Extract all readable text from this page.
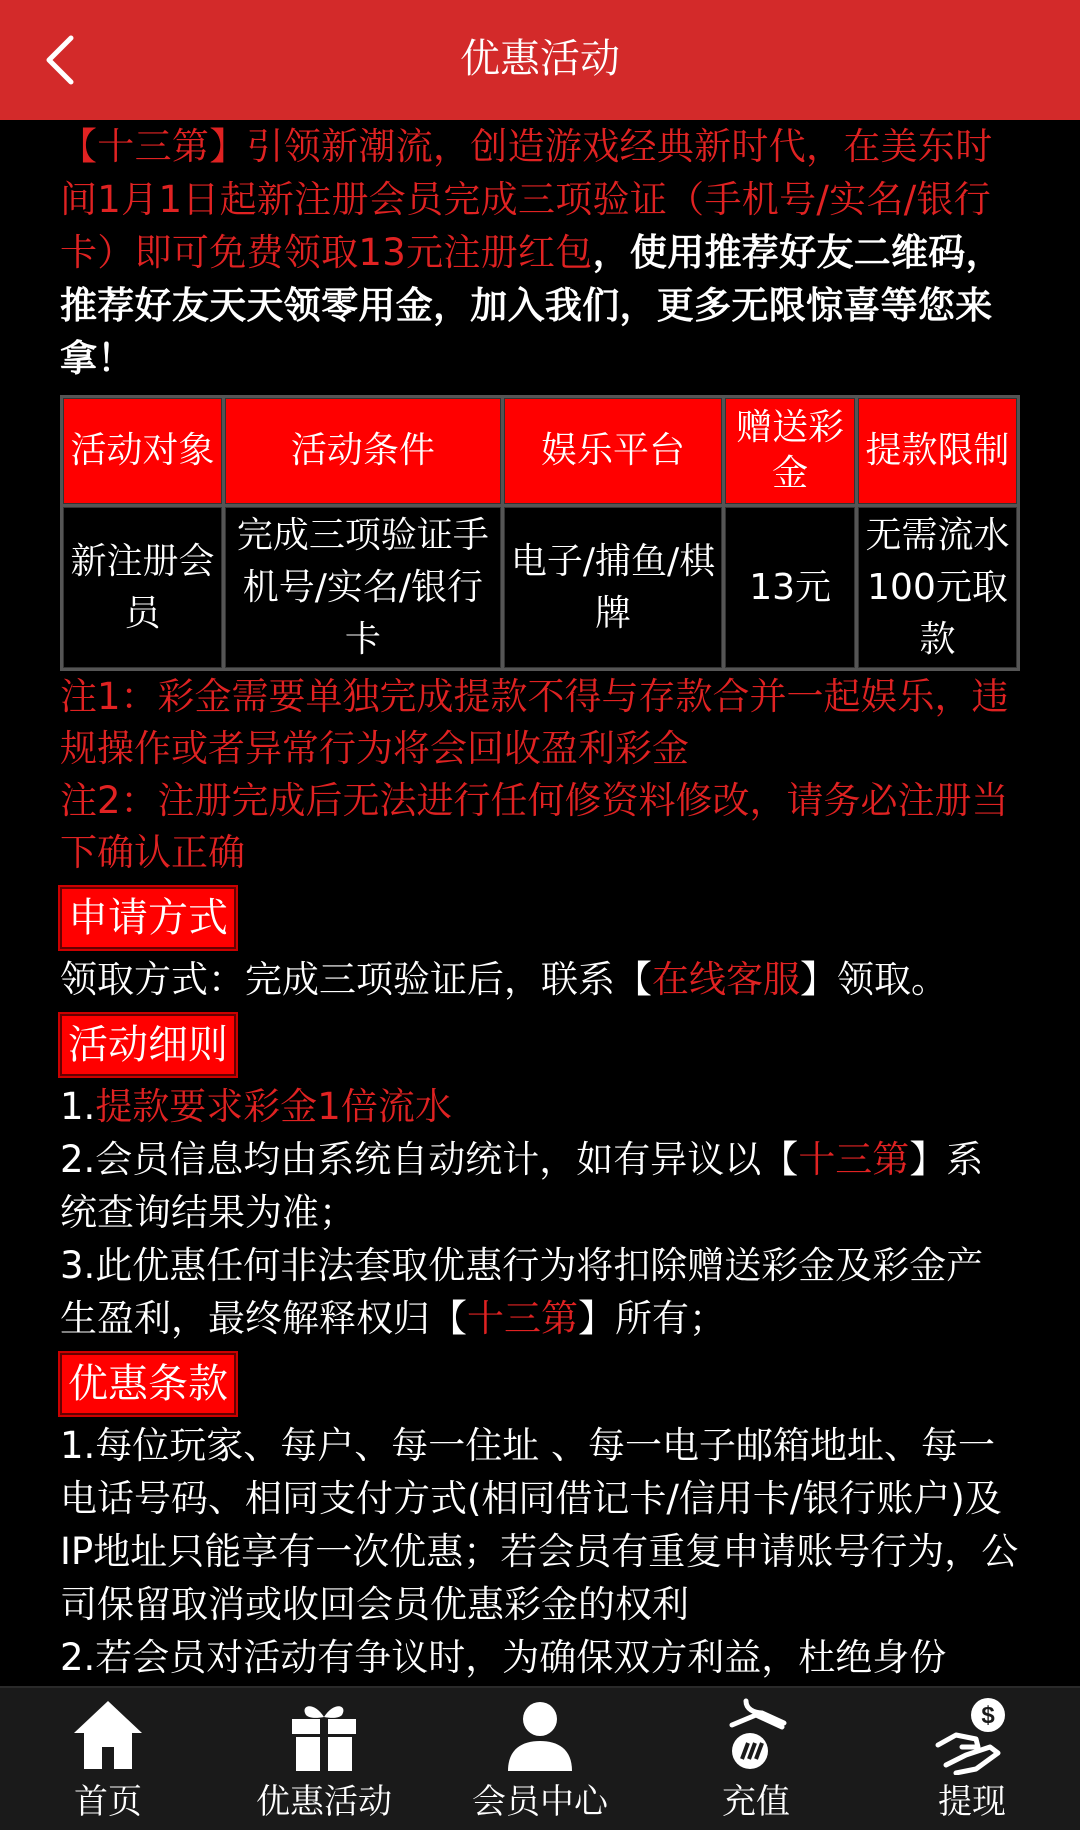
优惠活动

【十三第】引领新潮流，创造游戏经典新时代，在美东时间1月1日起新注册会员完成三项验证（手机号/实名/银行卡）即可免费领取13元注册红包，使用推荐好友二维码，推荐好友天天领零用金，加入我们，更多无限惊喜等您来拿！

活动对象	活动条件	娱乐平台	赠送彩金	提款限制
新注册会员	完成三项验证手机号/实名/银行卡	电子/捕鱼/棋牌	13元	无需流水100元取款

注1：彩金需要单独完成提款不得与存款合并一起娱乐，违规操作或者异常行为将会回收盈利彩金

注2：注册完成后无法进行任何修资料修改，请务必注册当下确认正确

申请方式

领取方式：完成三项验证后，联系【在线客服】领取。

活动细则

1.提款要求彩金1倍流水

2.会员信息均由系统自动统计，如有异议以【十三第】系统查询结果为准；

3.此优惠任何非法套取优惠行为将扣除赠送彩金及彩金产生盈利，最终解释权归【十三第】所有；

优惠条款

1.每位玩家、每户、每一住址 、每一电子邮箱地址、每一电话号码、相同支付方式(相同借记卡/信用卡/银行账户)及IP地址只能享有一次优惠；若会员有重复申请账号行为，公司保留取消或收回会员优惠彩金的权利

2.若会员对活动有争议时，为确保双方利益，杜绝身份

首页	优惠活动 会员中心	充值
$
提现
